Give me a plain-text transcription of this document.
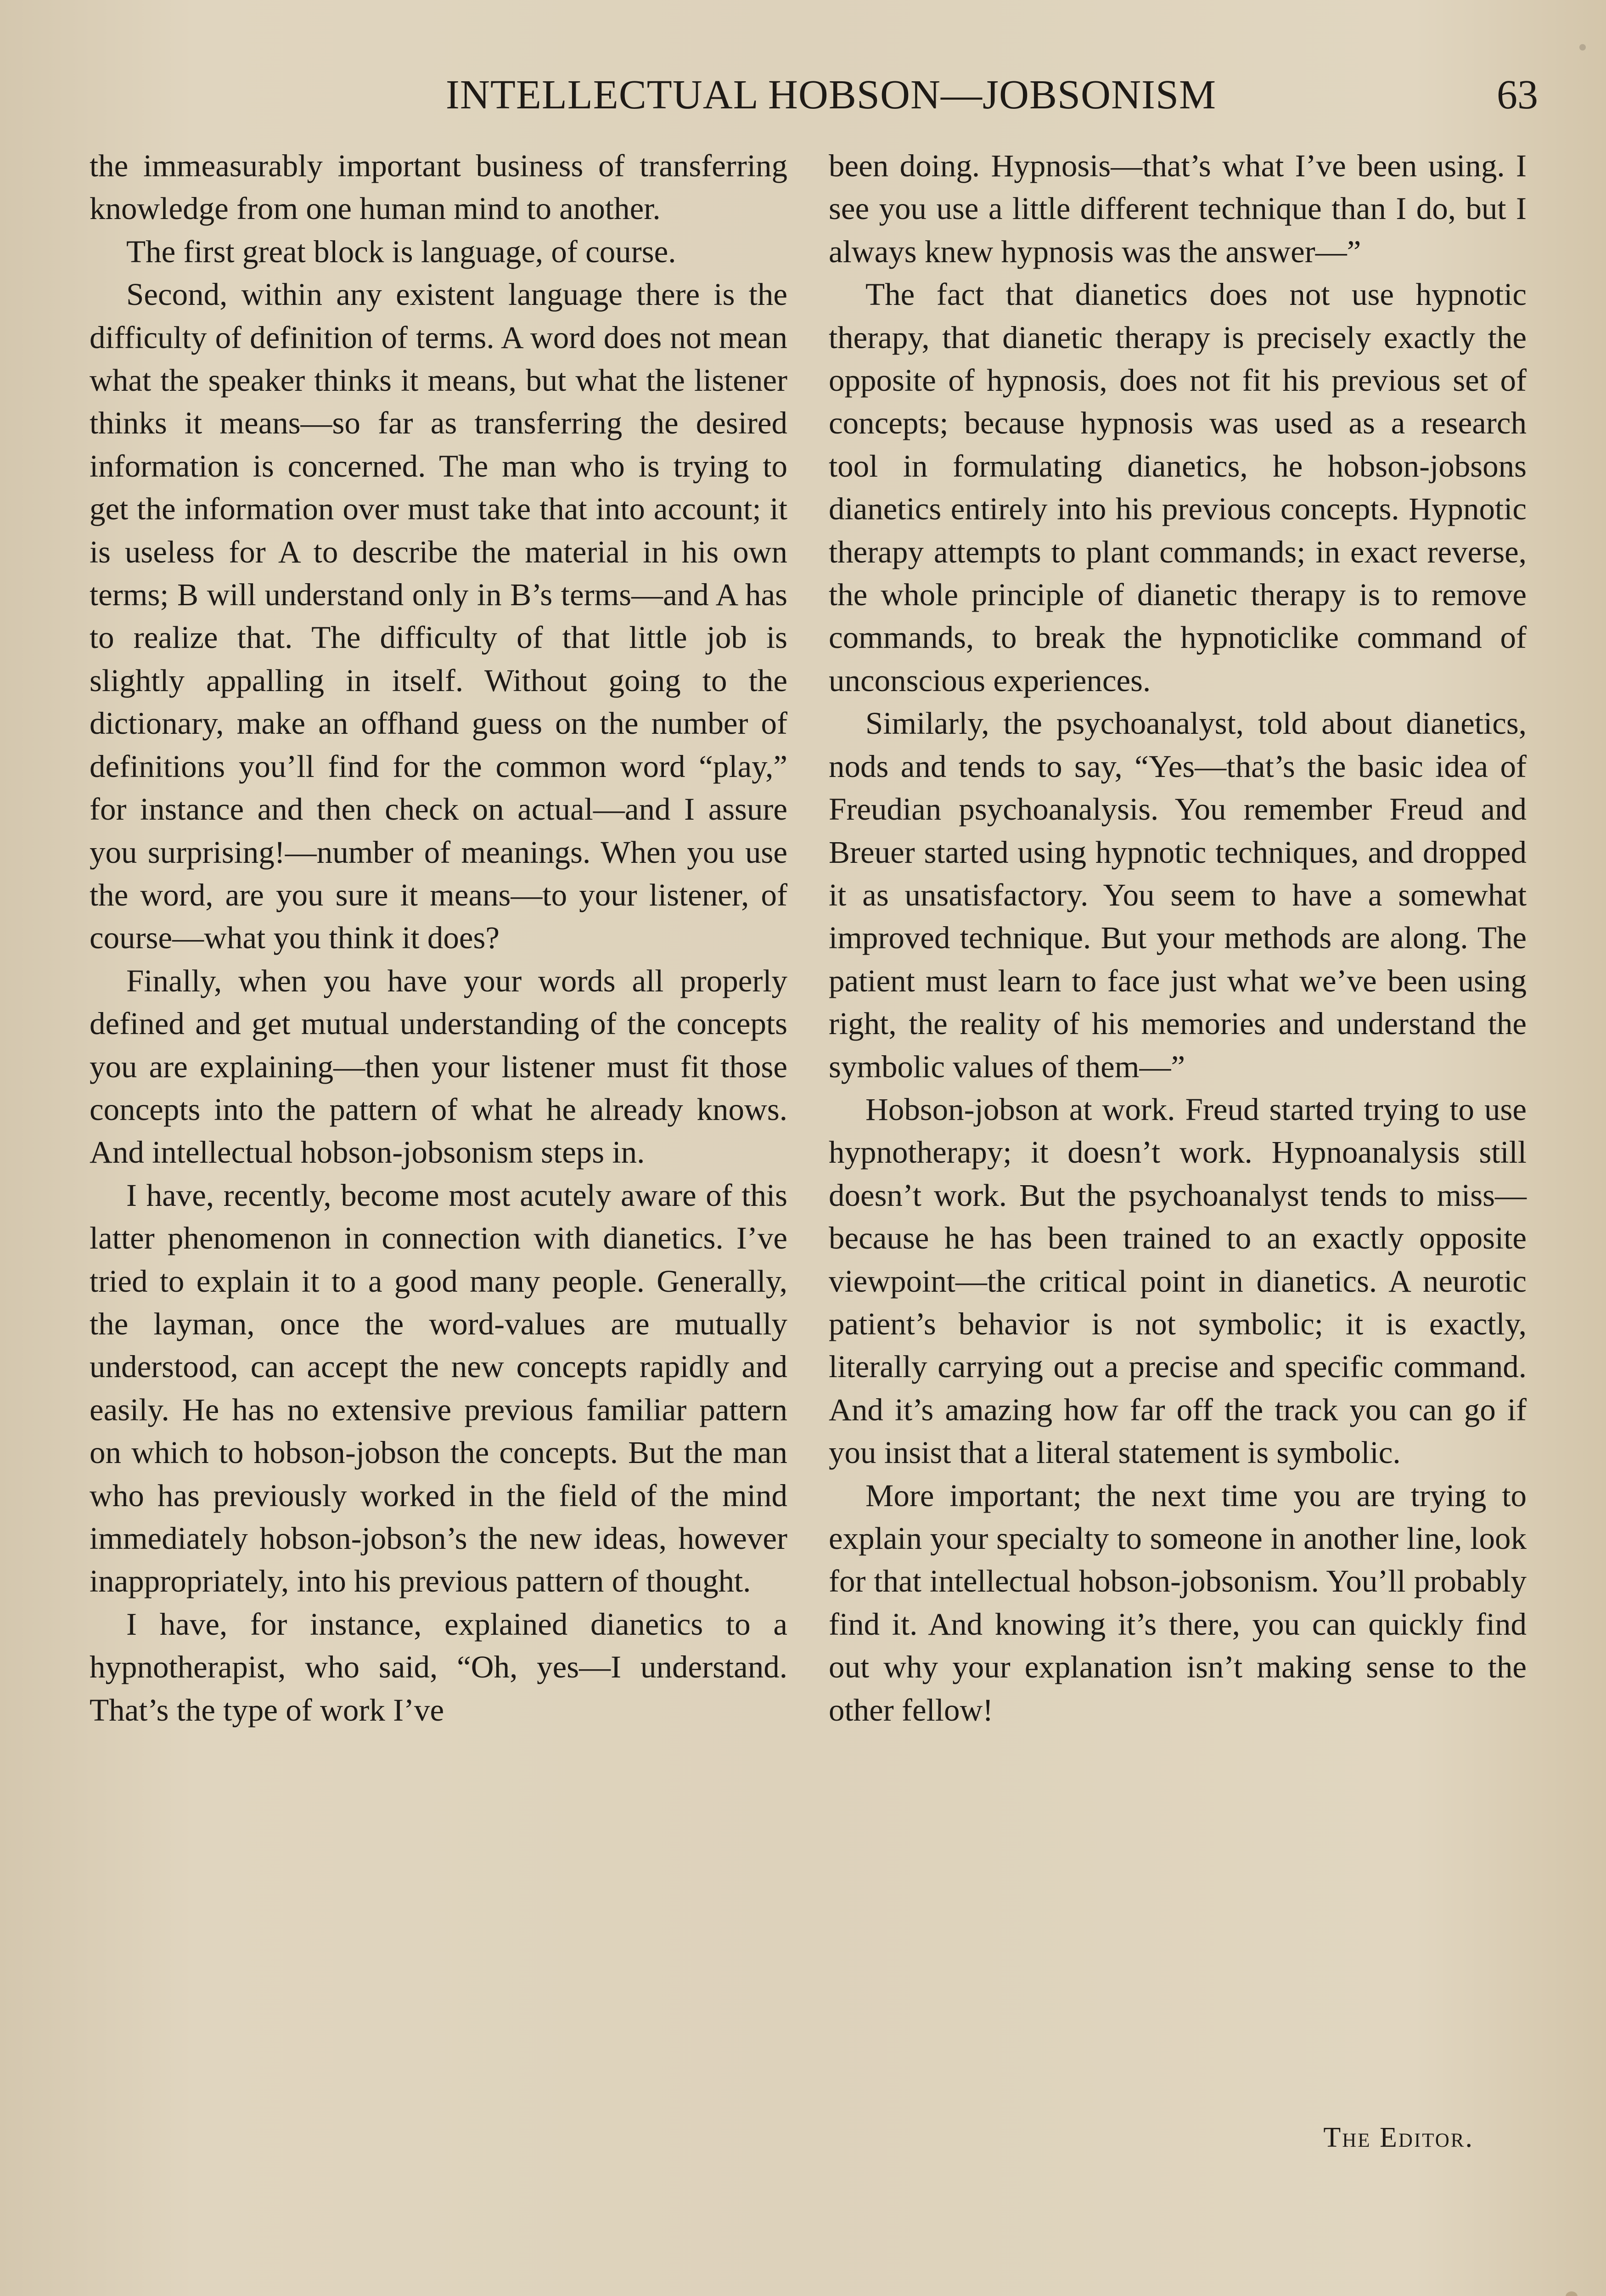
INTELLECTUAL HOBSON—JOBSONISM	63

the immeasurably important business of transferring knowledge from one human mind to another.

The first great block is language, of course.

Second, within any existent language there is the difficulty of definition of terms. A word does not mean what the speaker thinks it means, but what the listener thinks it means—so far as transferring the desired information is concerned. The man who is trying to get the information over must take that into account; it is useless for A to describe the material in his own terms; B will understand only in B’s terms—and A has to realize that. The difficulty of that little job is slightly appalling in itself. Without going to the dictionary, make an offhand guess on the number of definitions you’ll find for the common word “play,” for instance and then check on actual—and I assure you surprising!—number of meanings. When you use the word, are you sure it means—to your listener, of course—what you think it does?

Finally, when you have your words all properly defined and get mutual understanding of the concepts you are explaining—then your listener must fit those concepts into the pattern of what he already knows. And intellectual hobson-jobsonism steps in.

I have, recently, become most acutely aware of this latter phenomenon in connection with dianetics. I’ve tried to explain it to a good many people. Generally, the layman, once the word-values are mutually understood, can accept the new concepts rapidly and easily. He has no extensive previous familiar pattern on which to hobson-jobson the concepts. But the man who has previously worked in the field of the mind immediately hobson-jobson’s the new ideas, however inappropriately, into his previous pattern of thought.

I have, for instance, explained dianetics to a hypnotherapist, who said, “Oh, yes—I understand. That’s the type of work I’ve

been doing. Hypnosis—that’s what I’ve been using. I see you use a little different technique than I do, but I always knew hypnosis was the answer—”

The fact that dianetics does not use hypnotic therapy, that dianetic therapy is precisely exactly the opposite of hypnosis, does not fit his previous set of concepts; because hypnosis was used as a research tool in formulating dianetics, he hobson-jobsons dianetics entirely into his previous concepts. Hypnotic therapy attempts to plant commands; in exact reverse, the whole principle of dianetic therapy is to remove commands, to break the hypnoticlike command of unconscious experiences.

Similarly, the psychoanalyst, told about dianetics, nods and tends to say, “Yes—that’s the basic idea of Freudian psychoanalysis. You remember Freud and Breuer started using hypnotic techniques, and dropped it as unsatisfactory. You seem to have a somewhat improved technique. But your methods are along. The patient must learn to face just what we’ve been using right, the reality of his memories and understand the symbolic values of them—”

Hobson-jobson at work. Freud started trying to use hypnotherapy; it doesn’t work. Hypnoanalysis still doesn’t work. But the psychoanalyst tends to miss—because he has been trained to an exactly opposite viewpoint—the critical point in dianetics. A neurotic patient’s behavior is not symbolic; it is exactly, literally carrying out a precise and specific command. And it’s amazing how far off the track you can go if you insist that a literal statement is symbolic.

More important; the next time you are trying to explain your specialty to someone in another line, look for that intellectual hobson-jobsonism. You’ll probably find it. And knowing it’s there, you can quickly find out why your explanation isn’t making sense to the other fellow!

The Editor.
